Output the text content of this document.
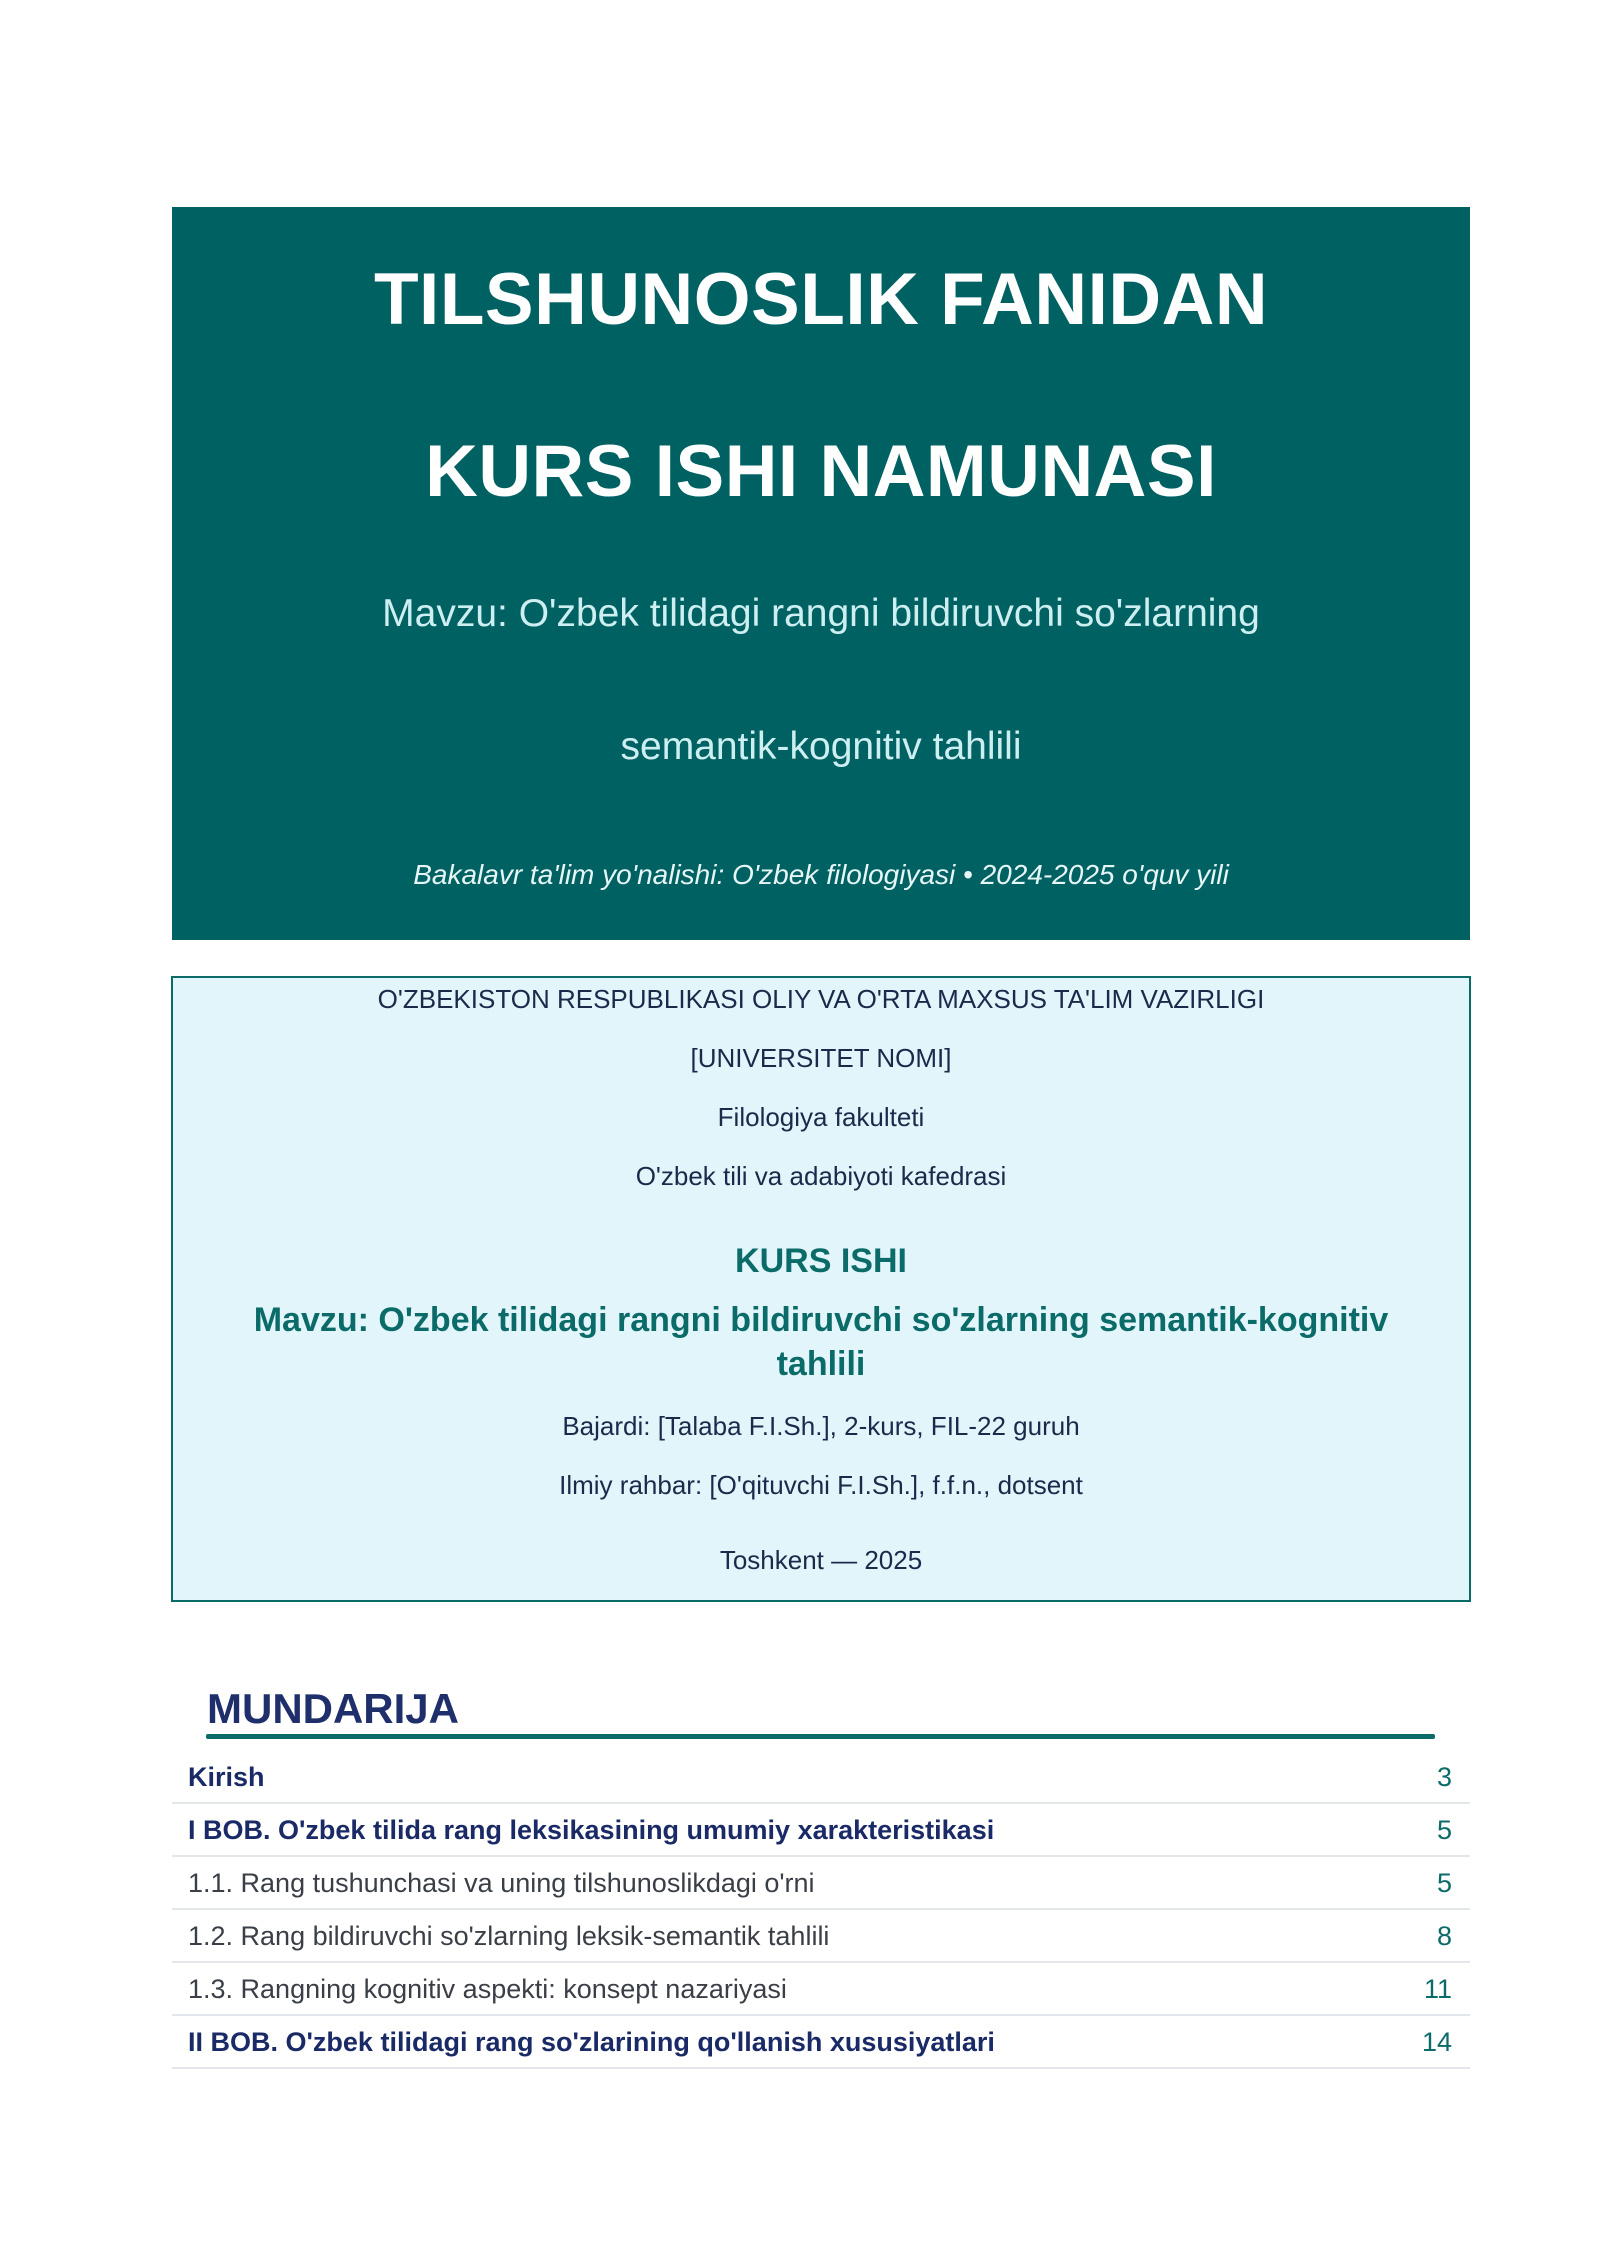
TILSHUNOSLIK FANIDAN
KURS ISHI NAMUNASI
Mavzu: O'zbek tilidagi rangni bildiruvchi so'zlarning
semantik-kognitiv tahlili
Bakalavr ta'lim yo'nalishi: O'zbek filologiyasi • 2024-2025 o'quv yili
O'ZBEKISTON RESPUBLIKASI OLIY VA O'RTA MAXSUS TA'LIM VAZIRLIGI
[UNIVERSITET NOMI]
Filologiya fakulteti
O'zbek tili va adabiyoti kafedrasi
KURS ISHI
Mavzu: O'zbek tilidagi rangni bildiruvchi so'zlarning semantik-kognitiv tahlili
Bajardi: [Talaba F.I.Sh.], 2-kurs, FIL-22 guruh
Ilmiy rahbar: [O'qituvchi F.I.Sh.], f.f.n., dotsent
Toshkent — 2025
MUNDARIJA
Kirish	3
I BOB. O'zbek tilida rang leksikasining umumiy xarakteristikasi	5
1.1. Rang tushunchasi va uning tilshunoslikdagi o'rni	5
1.2. Rang bildiruvchi so'zlarning leksik-semantik tahlili	8
1.3. Rangning kognitiv aspekti: konsept nazariyasi	11
II BOB. O'zbek tilidagi rang so'zlarining qo'llanish xususiyatlari	14
